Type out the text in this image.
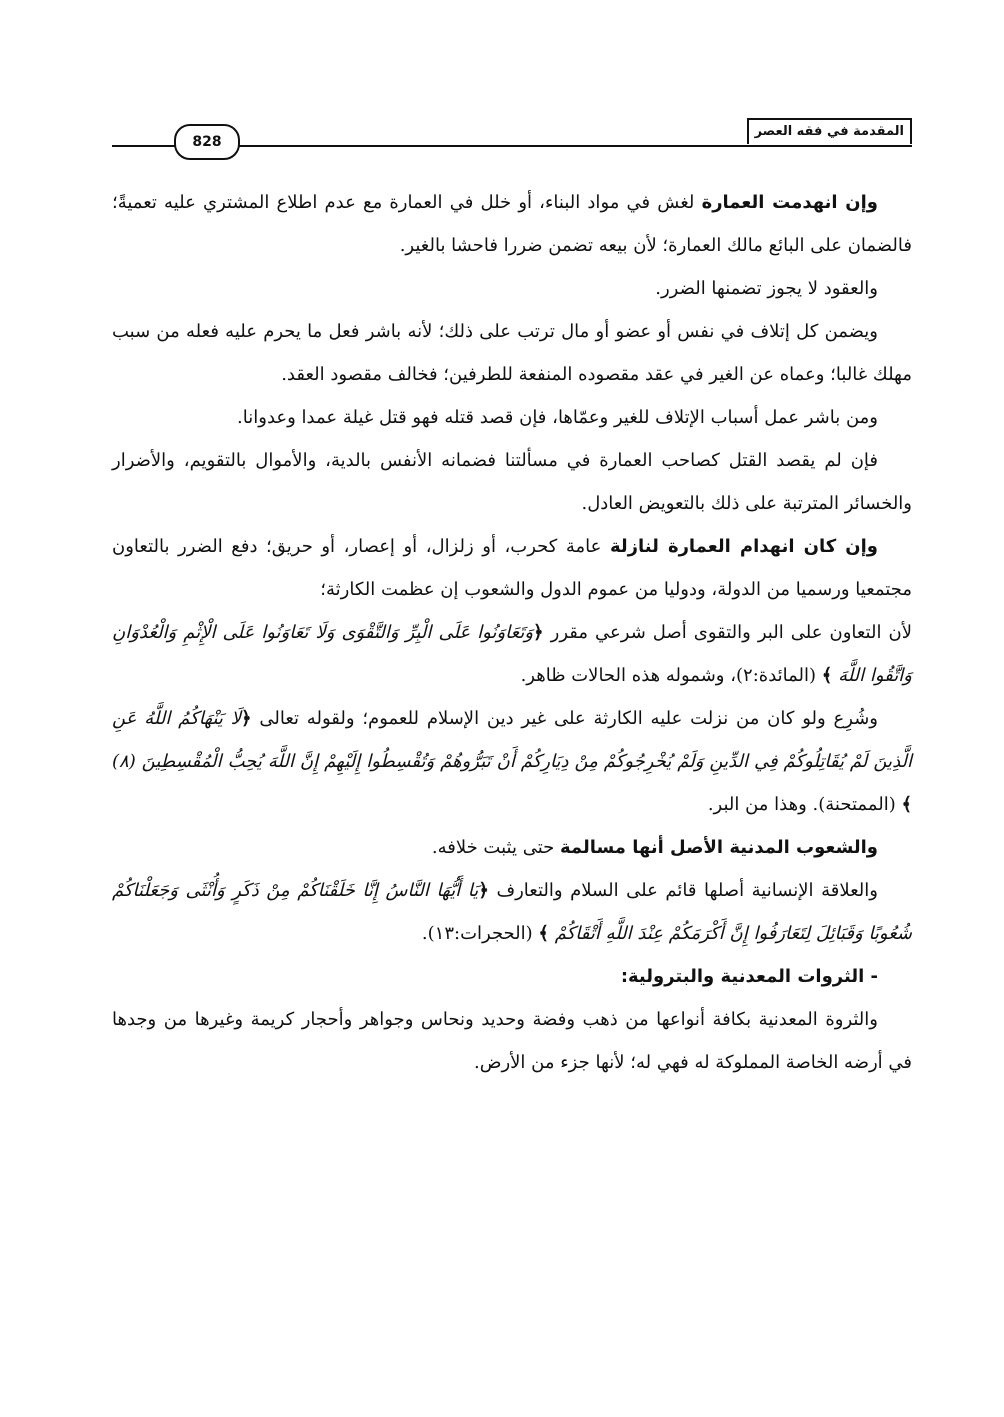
المقدمة في فقه العصر
828

وإن انهدمت العمارة لغش في مواد البناء، أو خلل في العمارة مع عدم اطلاع المشتري عليه تعميةً؛ فالضمان على البائع مالك العمارة؛ لأن بيعه تضمن ضررا فاحشا بالغير.

والعقود لا يجوز تضمنها الضرر.

ويضمن كل إتلاف في نفس أو عضو أو مال ترتب على ذلك؛ لأنه باشر فعل ما يحرم عليه فعله من سبب مهلك غالبا؛ وعماه عن الغير في عقد مقصوده المنفعة للطرفين؛ فخالف مقصود العقد.

ومن باشر عمل أسباب الإتلاف للغير وعمّاها، فإن قصد قتله فهو قتل غيلة عمدا وعدوانا.

فإن لم يقصد القتل كصاحب العمارة في مسألتنا فضمانه الأنفس بالدية، والأموال بالتقويم، والأضرار والخسائر المترتبة على ذلك بالتعويض العادل.

وإن كان انهدام العمارة لنازلة عامة كحرب، أو زلزال، أو إعصار، أو حريق؛ دفع الضرر بالتعاون مجتمعيا ورسميا من الدولة، ودوليا من عموم الدول والشعوب إن عظمت الكارثة؛

لأن التعاون على البر والتقوى أصل شرعي مقرر ﴿وَتَعَاوَنُوا عَلَى الْبِرِّ وَالتَّقْوَى وَلَا تَعَاوَنُوا عَلَى الْإِثْمِ وَالْعُدْوَانِ وَاتَّقُوا اللَّهَ ﴾ (المائدة:٢)، وشموله هذه الحالات ظاهر.

وشُرِع ولو كان من نزلت عليه الكارثة على غير دين الإسلام للعموم؛ ولقوله تعالى ﴿لَا يَنْهَاكُمُ اللَّهُ عَنِ الَّذِينَ لَمْ يُقَاتِلُوكُمْ فِي الدِّينِ وَلَمْ يُخْرِجُوكُمْ مِنْ دِيَارِكُمْ أَنْ تَبَرُّوهُمْ وَتُقْسِطُوا إِلَيْهِمْ إِنَّ اللَّهَ يُحِبُّ الْمُقْسِطِينَ (٨) ﴾ (الممتحنة). وهذا من البر.

والشعوب المدنية الأصل أنها مسالمة حتى يثبت خلافه.

والعلاقة الإنسانية أصلها قائم على السلام والتعارف ﴿يَا أَيُّهَا النَّاسُ إِنَّا خَلَقْنَاكُمْ مِنْ ذَكَرٍ وَأُنْثَى وَجَعَلْنَاكُمْ شُعُوبًا وَقَبَائِلَ لِتَعَارَفُوا إِنَّ أَكْرَمَكُمْ عِنْدَ اللَّهِ أَتْقَاكُمْ ﴾ (الحجرات:١٣).

- الثروات المعدنية والبترولية:

والثروة المعدنية بكافة أنواعها من ذهب وفضة وحديد ونحاس وجواهر وأحجار كريمة وغيرها من وجدها في أرضه الخاصة المملوكة له فهي له؛ لأنها جزء من الأرض.
